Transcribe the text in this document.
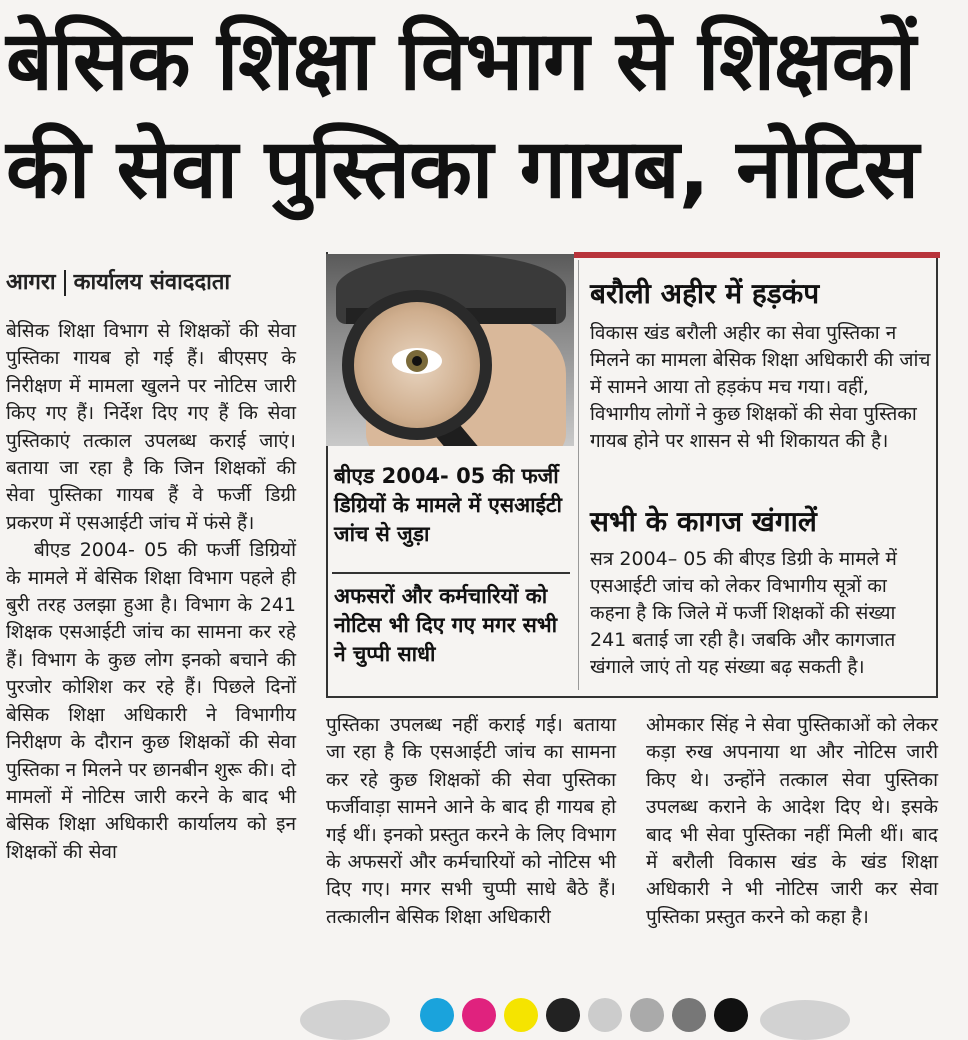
बेसिक शिक्षा विभाग से शिक्षकों
की सेवा पुस्तिका गायब, नोटिस
आगरा कार्यालय संवाददाता

बेसिक शिक्षा विभाग से शिक्षकों की सेवा पुस्तिका गायब हो गई हैं। बीएसए के निरीक्षण में मामला खुलने पर नोटिस जारी किए गए हैं। निर्देश दिए गए हैं कि सेवा पुस्तिकाएं तत्काल उपलब्ध कराई जाएं। बताया जा रहा है कि जिन शिक्षकों की सेवा पुस्तिका गायब हैं वे फर्जी डिग्री प्रकरण में एसआईटी जांच में फंसे हैं।

बीएड 2004- 05 की फर्जी डिग्रियों के मामले में बेसिक शिक्षा विभाग पहले ही बुरी तरह उलझा हुआ है। विभाग के 241 शिक्षक एसआईटी जांच का सामना कर रहे हैं। विभाग के कुछ लोग इनको बचाने की पुरजोर कोशिश कर रहे हैं। पिछले दिनों बेसिक शिक्षा अधिकारी ने विभागीय निरीक्षण के दौरान कुछ शिक्षकों की सेवा पुस्तिका न मिलने पर छानबीन शुरू की। दो मामलों में नोटिस जारी करने के बाद भी बेसिक शिक्षा अधिकारी कार्यालय को इन शिक्षकों की सेवा

बीएड 2004- 05 की फर्जी डिग्रियों के मामले में एसआईटी जांच से जुड़ा
अफसरों और कर्मचारियों को नोटिस भी दिए गए मगर सभी ने चुप्पी साधी
बरौली अहीर में हड़कंप

विकास खंड बरौली अहीर का सेवा पुस्तिका न मिलने का मामला बेसिक शिक्षा अधिकारी की जांच में सामने आया तो हड़कंप मच गया। वहीं, विभागीय लोगों ने कुछ शिक्षकों की सेवा पुस्तिका गायब होने पर शासन से भी शिकायत की है।

सभी के कागज खंगालें

सत्र 2004– 05 की बीएड डिग्री के मामले में एसआईटी जांच को लेकर विभागीय सूत्रों का कहना है कि जिले में फर्जी शिक्षकों की संख्या 241 बताई जा रही है। जबकि और कागजात खंगाले जाएं तो यह संख्या बढ़ सकती है।

पुस्तिका उपलब्ध नहीं कराई गई। बताया जा रहा है कि एसआईटी जांच का सामना कर रहे कुछ शिक्षकों की सेवा पुस्तिका फर्जीवाड़ा सामने आने के बाद ही गायब हो गई थीं। इनको प्रस्तुत करने के लिए विभाग के अफसरों और कर्मचारियों को नोटिस भी दिए गए। मगर सभी चुप्पी साधे बैठे हैं। तत्कालीन बेसिक शिक्षा अधिकारी

ओमकार सिंह ने सेवा पुस्तिकाओं को लेकर कड़ा रुख अपनाया था और नोटिस जारी किए थे। उन्होंने तत्काल सेवा पुस्तिका उपलब्ध कराने के आदेश दिए थे। इसके बाद भी सेवा पुस्तिका नहीं मिली थीं। बाद में बरौली विकास खंड के खंड शिक्षा अधिकारी ने भी नोटिस जारी कर सेवा पुस्तिका प्रस्तुत करने को कहा है।
